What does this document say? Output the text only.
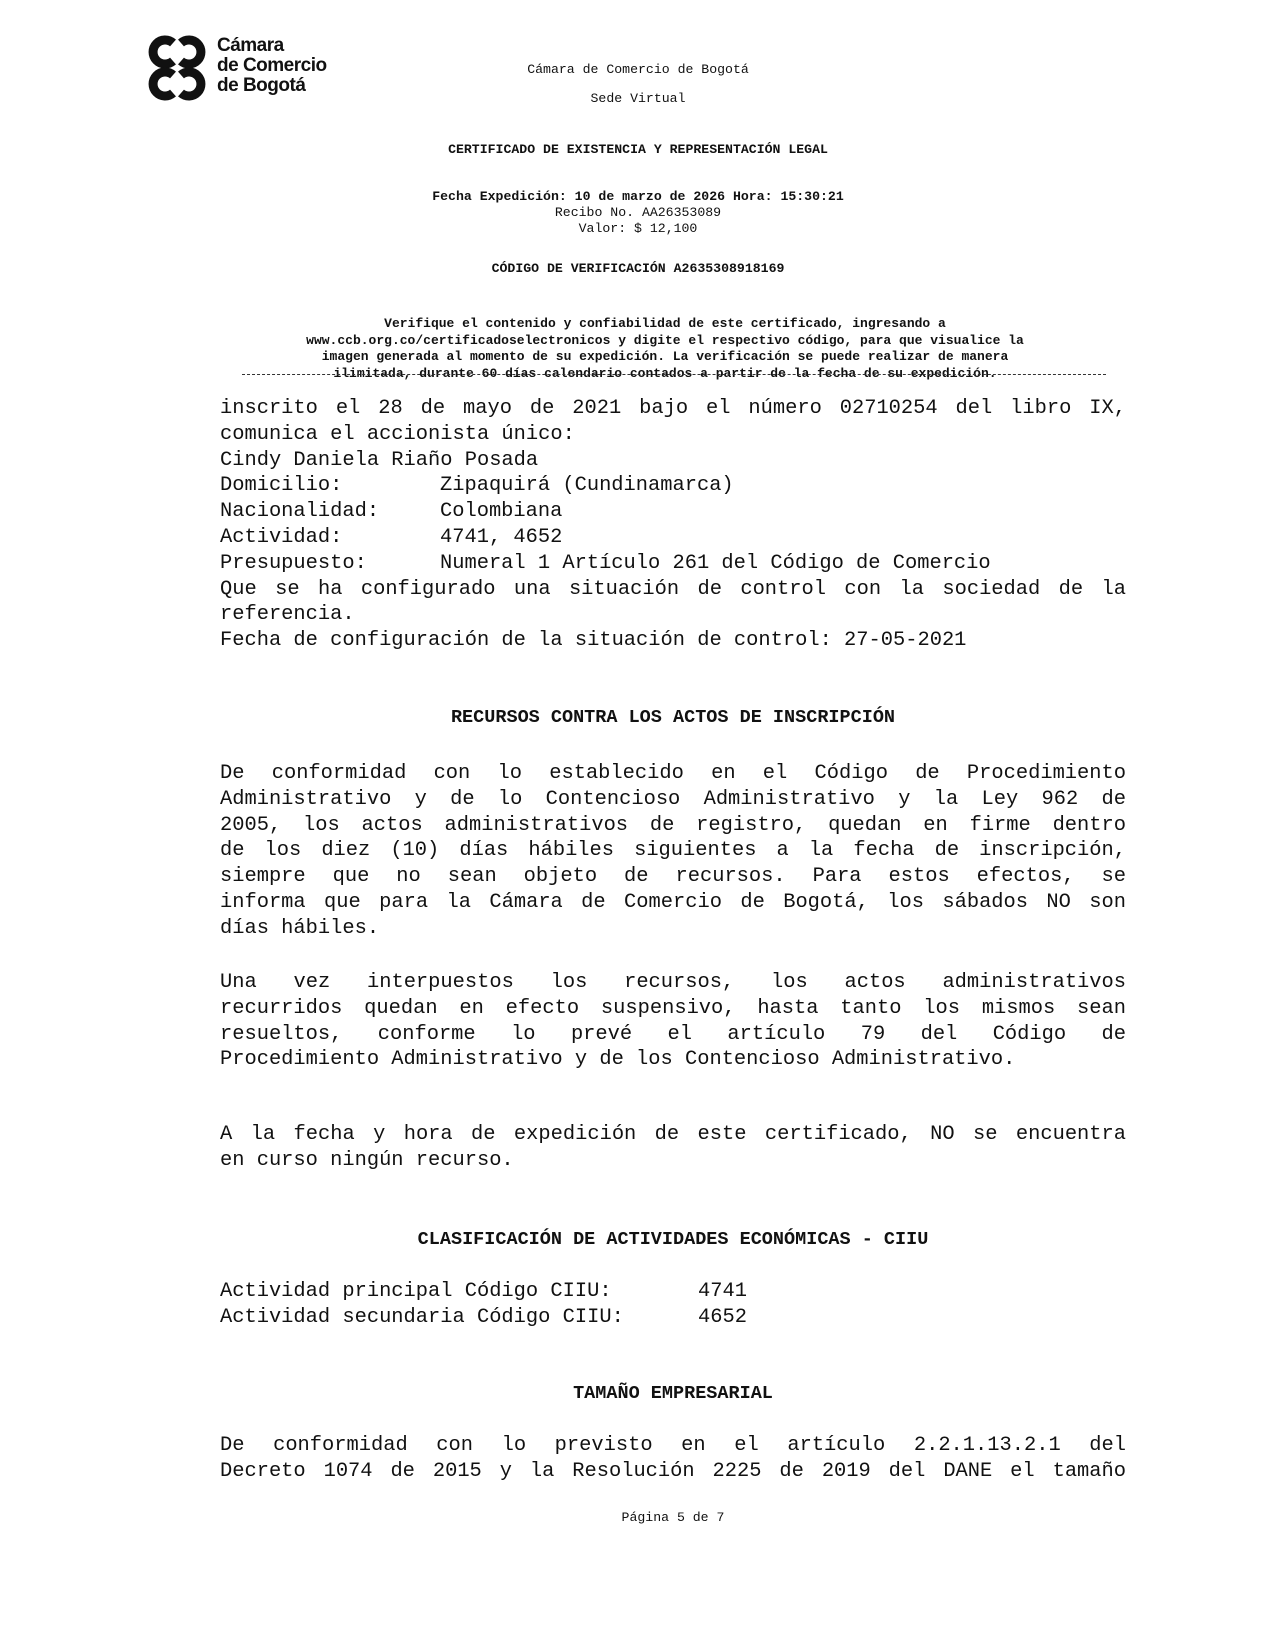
Cámara
de Comercio
de Bogotá
Cámara de Comercio de Bogotá
Sede Virtual
CERTIFICADO DE EXISTENCIA Y REPRESENTACIÓN LEGAL
Fecha Expedición: 10 de marzo de 2026 Hora: 15:30:21
Recibo No. AA26353089
Valor: $ 12,100
CÓDIGO DE VERIFICACIÓN A2635308918169
Verifique el contenido y confiabilidad de este certificado, ingresando a
www.ccb.org.co/certificadoselectronicos y digite el respectivo código, para que visualice la
imagen generada al momento de su expedición. La verificación se puede realizar de manera
ilimitada, durante 60 días calendario contados a partir de la fecha de su expedición.
inscrito el 28 de mayo de 2021 bajo el número 02710254 del libro IX,
comunica el accionista único:
Cindy Daniela Riaño Posada
Domicilio:	Zipaquirá (Cundinamarca)
Nacionalidad:	Colombiana
Actividad:	4741, 4652
Presupuesto:	Numeral 1 Artículo 261 del Código de Comercio
Que se ha configurado una situación de control con la sociedad de la
referencia.
Fecha de configuración de la situación de control: 27-05-2021
RECURSOS CONTRA LOS ACTOS DE INSCRIPCIÓN
De conformidad con lo establecido en el Código de Procedimiento
Administrativo y de lo Contencioso Administrativo y la Ley 962 de
2005, los actos administrativos de registro, quedan en firme dentro
de los diez (10) días hábiles siguientes a la fecha de inscripción,
siempre que no sean objeto de recursos. Para estos efectos, se
informa que para la Cámara de Comercio de Bogotá, los sábados NO son
días hábiles.
Una vez interpuestos los recursos, los actos administrativos
recurridos quedan en efecto suspensivo, hasta tanto los mismos sean
resueltos, conforme lo prevé el artículo 79 del Código de
Procedimiento Administrativo y de los Contencioso Administrativo.
A la fecha y hora de expedición de este certificado, NO se encuentra
en curso ningún recurso.
CLASIFICACIÓN DE ACTIVIDADES ECONÓMICAS - CIIU
Actividad principal Código CIIU:	4741
Actividad secundaria Código CIIU:	4652
TAMAÑO EMPRESARIAL
De conformidad con lo previsto en el artículo 2.2.1.13.2.1 del
Decreto 1074 de 2015 y la Resolución 2225 de 2019 del DANE el tamaño
Página 5 de 7
